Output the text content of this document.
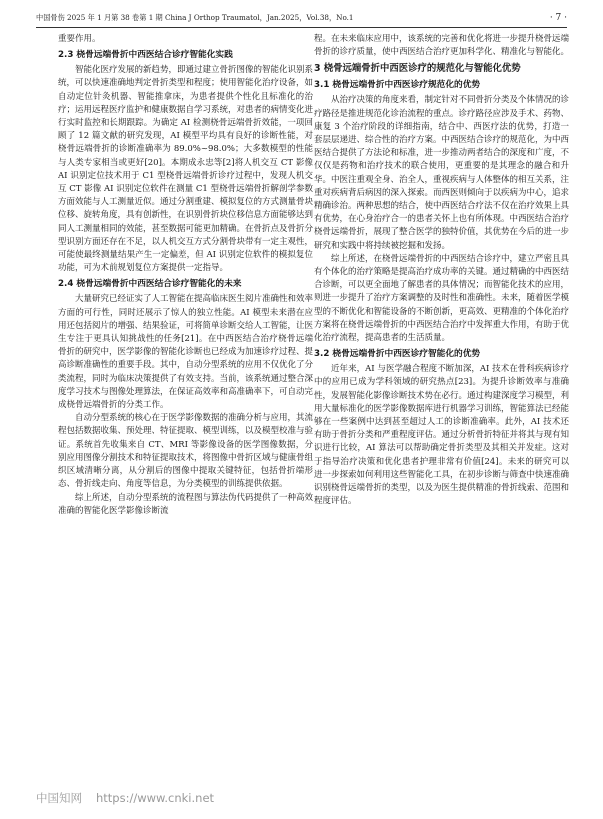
中国骨伤 2025 年 1 月第 38 卷第 1 期 China J Orthop Traumatol，Jan.2025，Vol.38，No.1	· 7 ·

重要作用。

2.3 桡骨远端骨折中西医结合诊疗智能化实践

智能化医疗发展的新趋势，即通过建立骨折图像的智能化识别系统，可以快速准确地判定骨折类型和程度；使用智能化治疗设备，如自动定位针灸机器、智能推拿床，为患者提供个性化且标准化的治疗；运用远程医疗监护和健康数据自学习系统，对患者的病情变化进行实时监控和长期跟踪。为确定 AI 检测桡骨远端骨折效能，一项回顾了 12 篇文献的研究发现，AI 模型平均具有良好的诊断性能，对桡骨远端骨折的诊断准确率为 89.0%~98.0%；大多数模型的性能与人类专家相当或更好[20]。本期成永忠等[2]将人机交互 CT 影像 AI 识别定位技术用于 C1 型桡骨远端骨折诊疗过程中，发现人机交互 CT 影像 AI 识别定位软件在测量 C1 型桡骨远端骨折解剖学参数方面效能与人工测量近似。通过分割重建、模拟复位的方式测量骨块位移、旋转角度，具有创新性，在识别骨折块位移信息方面能够达到同人工测量相同的效能，甚至数据可能更加精确。在骨折点及骨折分型识别方面还存在不足，以人机交互方式分割骨块带有一定主观性，可能使最终测量结果产生一定偏差，但 AI 识别定位软件的模拟复位功能，可为术前规划复位方案提供一定指导。

2.4 桡骨远端骨折中西医结合诊疗智能化的未来

大量研究已经证实了人工智能在提高临床医生阅片准确性和效率方面的可行性，同时还展示了惊人的独立性能。AI 模型未来潜在应用还包括阅片的增强、结果验证，可将简单诊断交给人工智能，让医生专注于更具认知挑战性的任务[21]。在中西医结合治疗桡骨远端骨折的研究中，医学影像的智能化诊断也已经成为加速诊疗过程、提高诊断准确性的重要手段。其中，自动分型系统的应用不仅优化了分类流程，同时为临床决策提供了有效支持。当前，该系统通过整合深度学习技术与图像处理算法，在保证高效率和高准确率下，可自动完成桡骨远端骨折的分类工作。

自动分型系统的核心在于医学影像数据的准确分析与应用，其流程包括数据收集、预处理、特征提取、模型训练，以及模型校准与验证。系统首先收集来自 CT、MRI 等影像设备的医学图像数据，分别应用图像分割技术和特征提取技术，将图像中骨折区域与健康骨组织区域清晰分离，从分割后的图像中提取关键特征，包括骨折端形态、骨折线走向、角度等信息，为分类模型的训练提供依据。

综上所述，自动分型系统的流程图与算法伪代码提供了一种高效准确的智能化医学影像诊断流

程。在未来临床应用中，该系统的完善和优化将进一步提升桡骨远端骨折的诊疗质量，使中西医结合治疗更加科学化、精准化与智能化。

3 桡骨远端骨折中西医诊疗的规范化与智能化优势
3.1 桡骨远端骨折中西医诊疗规范化的优势

从治疗决策的角度来看，制定针对不同骨折分类及个体情况的诊疗路径是推进规范化诊治流程的重点。诊疗路径应涉及手术、药物、康复 3 个治疗阶段的详细指南，结合中、西医疗法的优势，打造一套层层递进、综合性的治疗方案。中西医结合诊疗的规范化，为中西医结合提供了方法论和标准，进一步推动两者结合的深度和广度，不仅仅是药物和治疗技术的联合使用，更重要的是其理念的融合和升华。中医注重观全身、治全人，重视疾病与人体整体的相互关系，注重对疾病背后病因的深入探索。而西医则倾向于以疾病为中心，追求精确诊治。两种思想的结合，使中西医结合疗法不仅在治疗效果上具有优势，在心身治疗合一的患者关怀上也有所体现。中西医结合治疗桡骨远端骨折，展现了整合医学的独特价值，其优势在今后的进一步研究和实践中将持续被挖掘和发扬。

综上所述，在桡骨远端骨折的中西医结合诊疗中，建立严密且具有个体化的治疗策略是提高治疗成功率的关键。通过精确的中西医结合诊断，可以更全面地了解患者的具体情况；而智能化技术的应用，则进一步提升了治疗方案调整的及时性和准确性。未来，随着医学模型的不断优化和智能设备的不断创新，更高效、更精准的个体化治疗方案将在桡骨远端骨折的中西医结合治疗中发挥重大作用，有助于优化治疗流程，提高患者的生活质量。

3.2 桡骨远端骨折中西医诊疗智能化的优势

近年来，AI 与医学融合程度不断加深，AI 技术在骨科疾病诊疗中的应用已成为学科领域的研究热点[23]。为提升诊断效率与准确性，发展智能化影像诊断技术势在必行。通过构建深度学习模型，利用大量标准化的医学影像数据库进行机器学习训练，智能算法已经能够在一些案例中达到甚至超过人工的诊断准确率。此外，AI 技术还有助于骨折分类和严重程度评估。通过分析骨折特征并将其与现有知识进行比较，AI 算法可以帮助确定骨折类型及其相关并发症。这对于指导治疗决策和优化患者护理非常有价值[24]。未来的研究可以进一步探索如何利用这些智能化工具，在初步诊断与筛查中快速准确识别桡骨远端骨折的类型，以及为医生提供精准的骨折线索、范围和程度评估。

中国知网 https://www.cnki.net
